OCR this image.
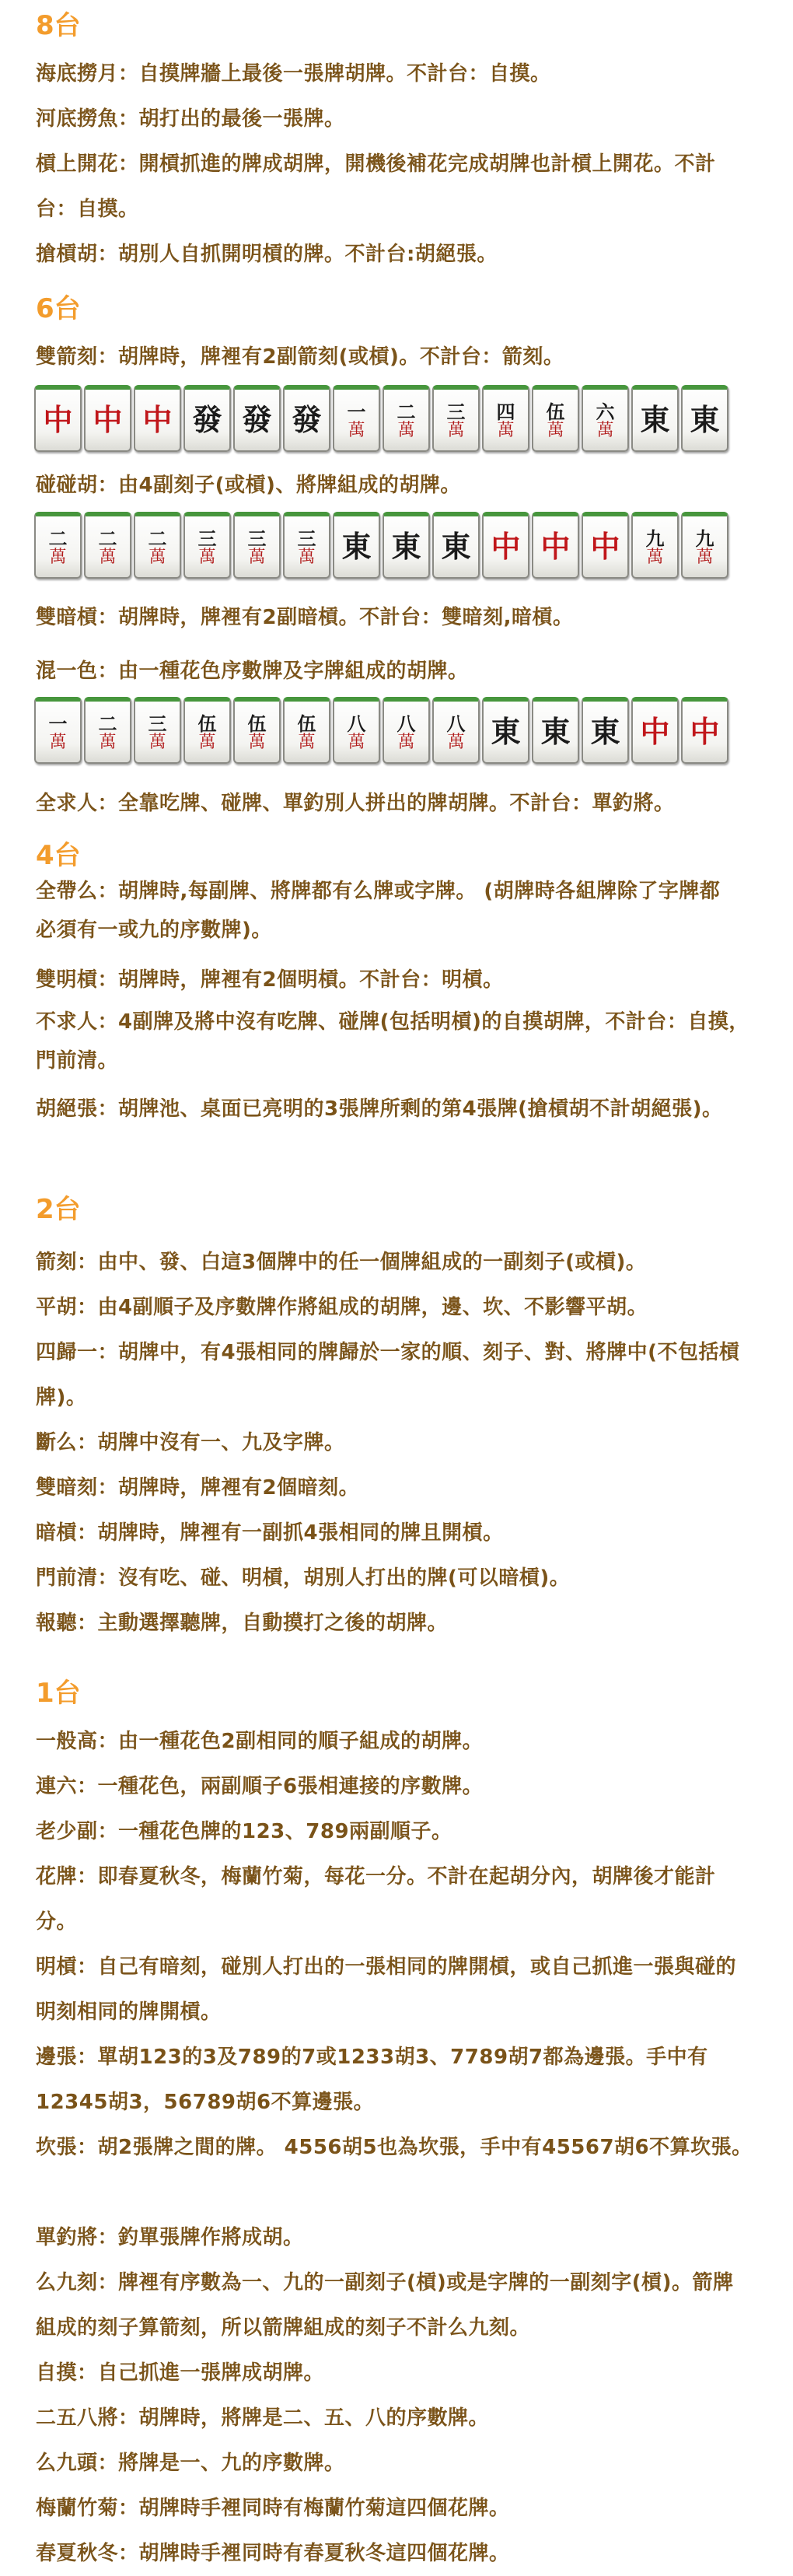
8台
海底撈月：自摸牌牆上最後一張牌胡牌。不計台：自摸。
河底撈魚：胡打出的最後一張牌。
槓上開花：開槓抓進的牌成胡牌，開機後補花完成胡牌也計槓上開花。不計台：自摸。
搶槓胡：胡別人自抓開明槓的牌。不計台:胡絕張。
6台
雙箭刻：胡牌時，牌裡有2副箭刻(或槓)。不計台：箭刻。
中 中 中 發 發 發 一
萬
二
萬
三
萬
四
萬
伍
萬
六
萬 東 東
碰碰胡：由4副刻子(或槓)、將牌組成的胡牌。
二
萬
二
萬
二
萬
三
萬
三
萬
三
萬 東 東 東 中 中 中 九
萬
九
萬
雙暗槓：胡牌時，牌裡有2副暗槓。不計台：雙暗刻,暗槓。
混一色：由一種花色序數牌及字牌組成的胡牌。
一
萬
二
萬
三
萬
伍
萬
伍
萬
伍
萬
八
萬
八
萬
八
萬 東 東 東 中 中
全求人：全靠吃牌、碰牌、單釣別人拼出的牌胡牌。不計台：單釣將。
4台
全帶么：胡牌時,每副牌、將牌都有么牌或字牌。 (胡牌時各組牌除了字牌都必須有一或九的序數牌)。
雙明槓：胡牌時，牌裡有2個明槓。不計台：明槓。
不求人：4副牌及將中沒有吃牌、碰牌(包括明槓)的自摸胡牌，不計台：自摸，門前清。
胡絕張：胡牌池、桌面已亮明的3張牌所剩的第4張牌(搶槓胡不計胡絕張)。
2台
箭刻：由中、發、白這3個牌中的任一個牌組成的一副刻子(或槓)。
平胡：由4副順子及序數牌作將組成的胡牌，邊、坎、不影響平胡。
四歸一：胡牌中，有4張相同的牌歸於一家的順、刻子、對、將牌中(不包括槓牌)。
斷么：胡牌中沒有一、九及字牌。
雙暗刻：胡牌時，牌裡有2個暗刻。
暗槓：胡牌時，牌裡有一副抓4張相同的牌且開槓。
門前清：沒有吃、碰、明槓，胡別人打出的牌(可以暗槓)。
報聽：主動選擇聽牌，自動摸打之後的胡牌。
1台
一般高：由一種花色2副相同的順子組成的胡牌。
連六：一種花色，兩副順子6張相連接的序數牌。
老少副：一種花色牌的123、789兩副順子。
花牌：即春夏秋冬，梅蘭竹菊，每花一分。不計在起胡分內，胡牌後才能計分。
明槓：自己有暗刻，碰別人打出的一張相同的牌開槓，或自己抓進一張與碰的明刻相同的牌開槓。
邊張：單胡123的3及789的7或1233胡3、7789胡7都為邊張。手中有12345胡3，56789胡6不算邊張。
坎張：胡2張牌之間的牌。 4556胡5也為坎張，手中有45567胡6不算坎張。
單釣將：釣單張牌作將成胡。
么九刻：牌裡有序數為一、九的一副刻子(槓)或是字牌的一副刻字(槓)。箭牌組成的刻子算箭刻，所以箭牌組成的刻子不計么九刻。
自摸：自己抓進一張牌成胡牌。
二五八將：胡牌時，將牌是二、五、八的序數牌。
么九頭：將牌是一、九的序數牌。
梅蘭竹菊：胡牌時手裡同時有梅蘭竹菊這四個花牌。
春夏秋冬：胡牌時手裡同時有春夏秋冬這四個花牌。
